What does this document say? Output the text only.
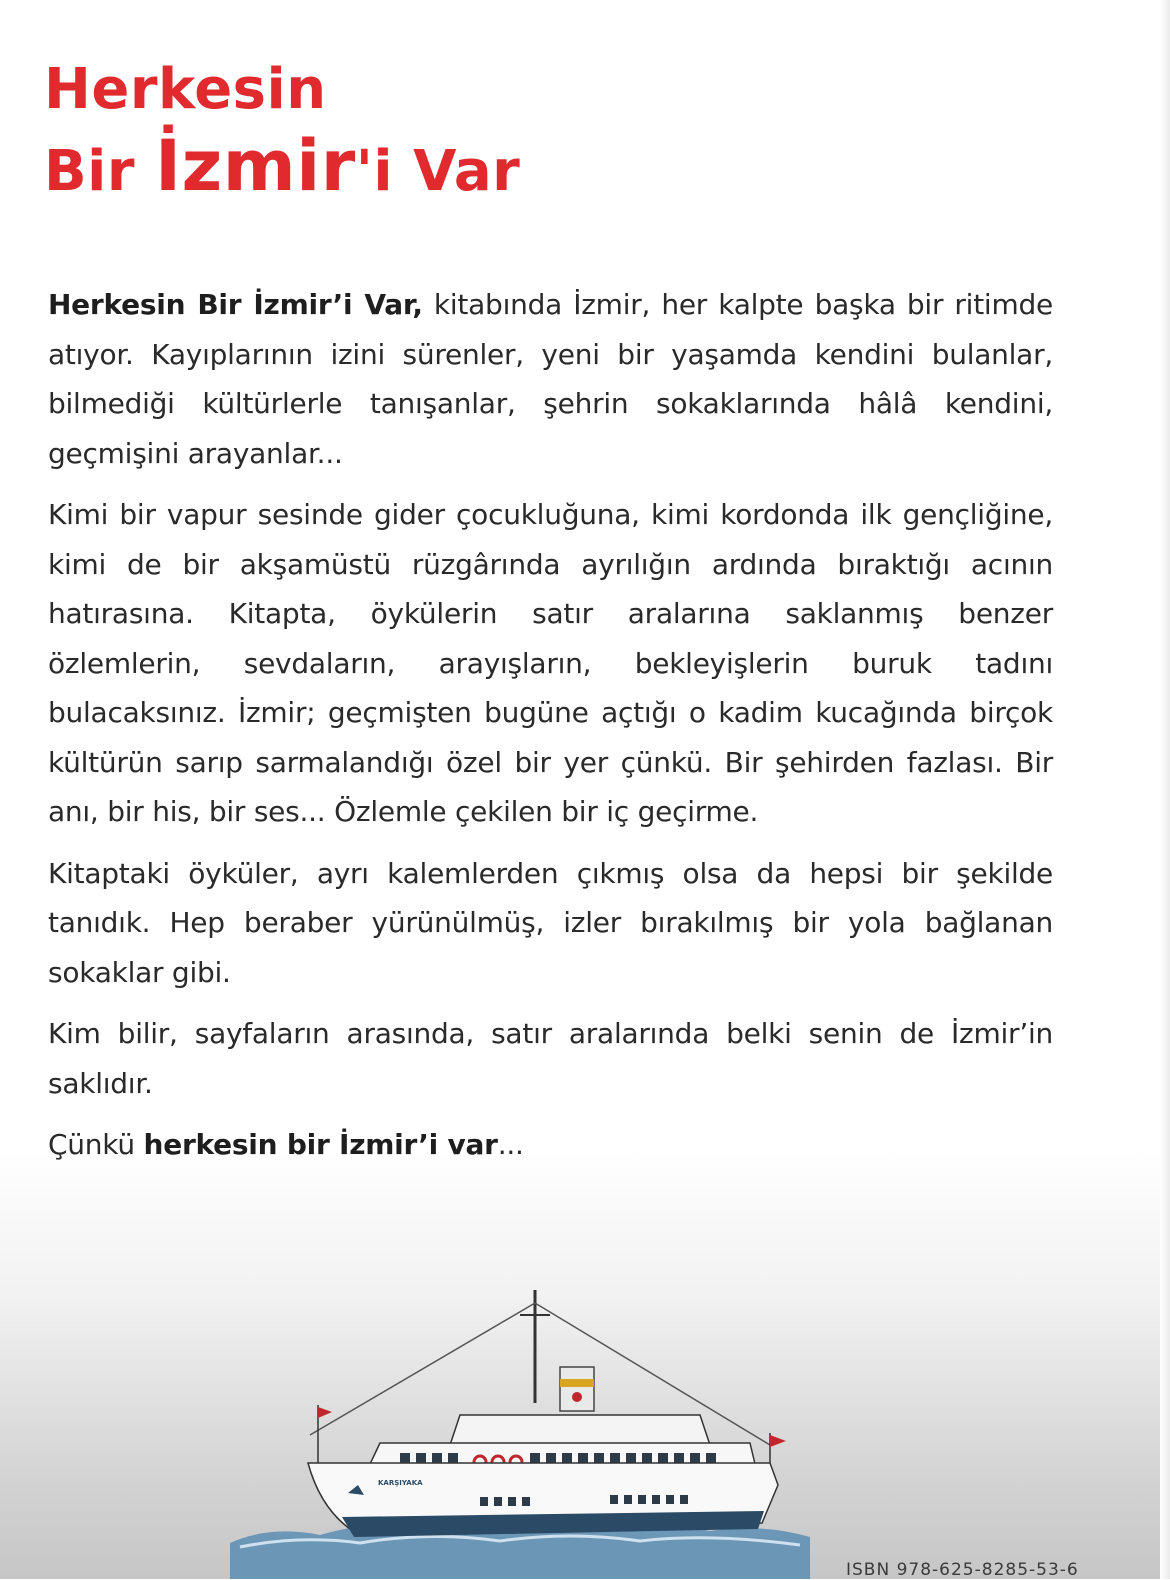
Herkesin
Bir İzmir'i Var

Herkesin Bir İzmir’i Var, kitabında İzmir, her kalpte başka bir ritimde atıyor. Kayıplarının izini sürenler, yeni bir yaşamda kendini bulanlar, bilmediği kültürlerle tanışanlar, şehrin sokaklarında hâlâ kendini, geçmişini arayanlar...

Kimi bir vapur sesinde gider çocukluğuna, kimi kordonda ilk gençliğine, kimi de bir akşamüstü rüzgârında ayrılığın ardında bıraktığı acının hatırasına. Kitapta, öykülerin satır aralarına saklanmış benzer özlemlerin, sevdaların, arayışların, bekleyişlerin buruk tadını bulacaksınız. İzmir; geçmişten bugüne açtığı o kadim kucağında birçok kültürün sarıp sarmalandığı özel bir yer çünkü. Bir şehirden fazlası. Bir anı, bir his, bir ses... Özlemle çekilen bir iç geçirme.

Kitaptaki öyküler, ayrı kalemlerden çıkmış olsa da hepsi bir şekilde tanıdık. Hep beraber yürünülmüş, izler bırakılmış bir yola bağlanan sokaklar gibi.

Kim bilir, sayfaların arasında, satır aralarında belki senin de İzmir’in saklıdır.

Çünkü herkesin bir İzmir’i var...

KARŞIYAKA
ISBN 978-625-8285-53-6
